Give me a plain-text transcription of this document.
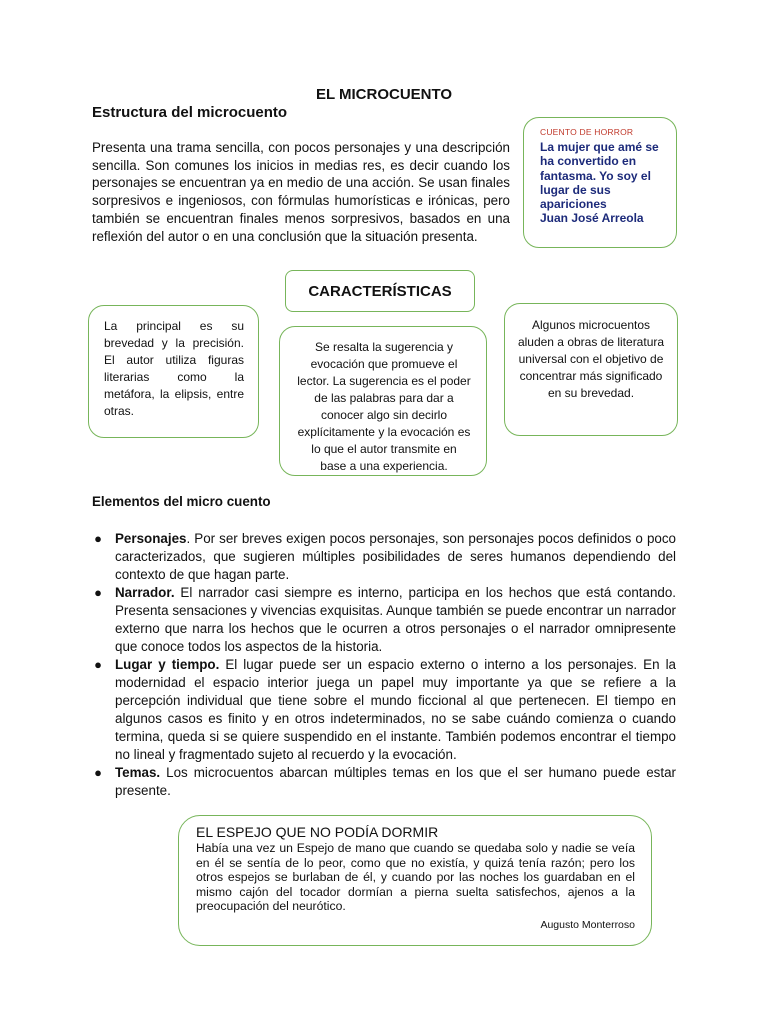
EL MICROCUENTO
Estructura del microcuento
Presenta una trama sencilla, con pocos personajes y una descripción sencilla. Son comunes los inicios in medias res, es decir cuando los personajes se encuentran ya en medio de una acción. Se usan finales sorpresivos e ingeniosos, con fórmulas humorísticas e irónicas, pero también se encuentran finales menos sorpresivos, basados en una reflexión del autor o en una conclusión que la situación presenta.
CUENTO DE HORROR
La mujer que amé se ha convertido en fantasma. Yo soy el lugar de sus apariciones
Juan José Arreola
CARACTERÍSTICAS
La principal es su brevedad y la precisión. El autor utiliza figuras literarias como la metáfora, la elipsis, entre otras.
Se resalta la sugerencia y evocación que promueve el lector. La sugerencia es el poder de las palabras para dar a conocer algo sin decirlo explícitamente y la evocación es lo que el autor transmite en base a una experiencia.
Algunos microcuentos aluden a obras de literatura universal con el objetivo de concentrar más significado en su brevedad.
Elementos del micro cuento
● Personajes. Por ser breves exigen pocos personajes, son personajes pocos definidos o poco caracterizados, que sugieren múltiples posibilidades de seres humanos dependiendo del contexto de que hagan parte.
● Narrador. El narrador casi siempre es interno, participa en los hechos que está contando. Presenta sensaciones y vivencias exquisitas. Aunque también se puede encontrar un narrador externo que narra los hechos que le ocurren a otros personajes o el narrador omnipresente que conoce todos los aspectos de la historia.
● Lugar y tiempo. El lugar puede ser un espacio externo o interno a los personajes. En la modernidad el espacio interior juega un papel muy importante ya que se refiere a la percepción individual que tiene sobre el mundo ficcional al que pertenecen. El tiempo en algunos casos es finito y en otros indeterminados, no se sabe cuándo comienza o cuando termina, queda si se quiere suspendido en el instante. También podemos encontrar el tiempo no lineal y fragmentado sujeto al recuerdo y la evocación.
● Temas. Los microcuentos abarcan múltiples temas en los que el ser humano puede estar presente.
EL ESPEJO QUE NO PODÍA DORMIR
Había una vez un Espejo de mano que cuando se quedaba solo y nadie se veía en él se sentía de lo peor, como que no existía, y quizá tenía razón; pero los otros espejos se burlaban de él, y cuando por las noches los guardaban en el mismo cajón del tocador dormían a pierna suelta satisfechos, ajenos a la preocupación del neurótico.
Augusto Monterroso
